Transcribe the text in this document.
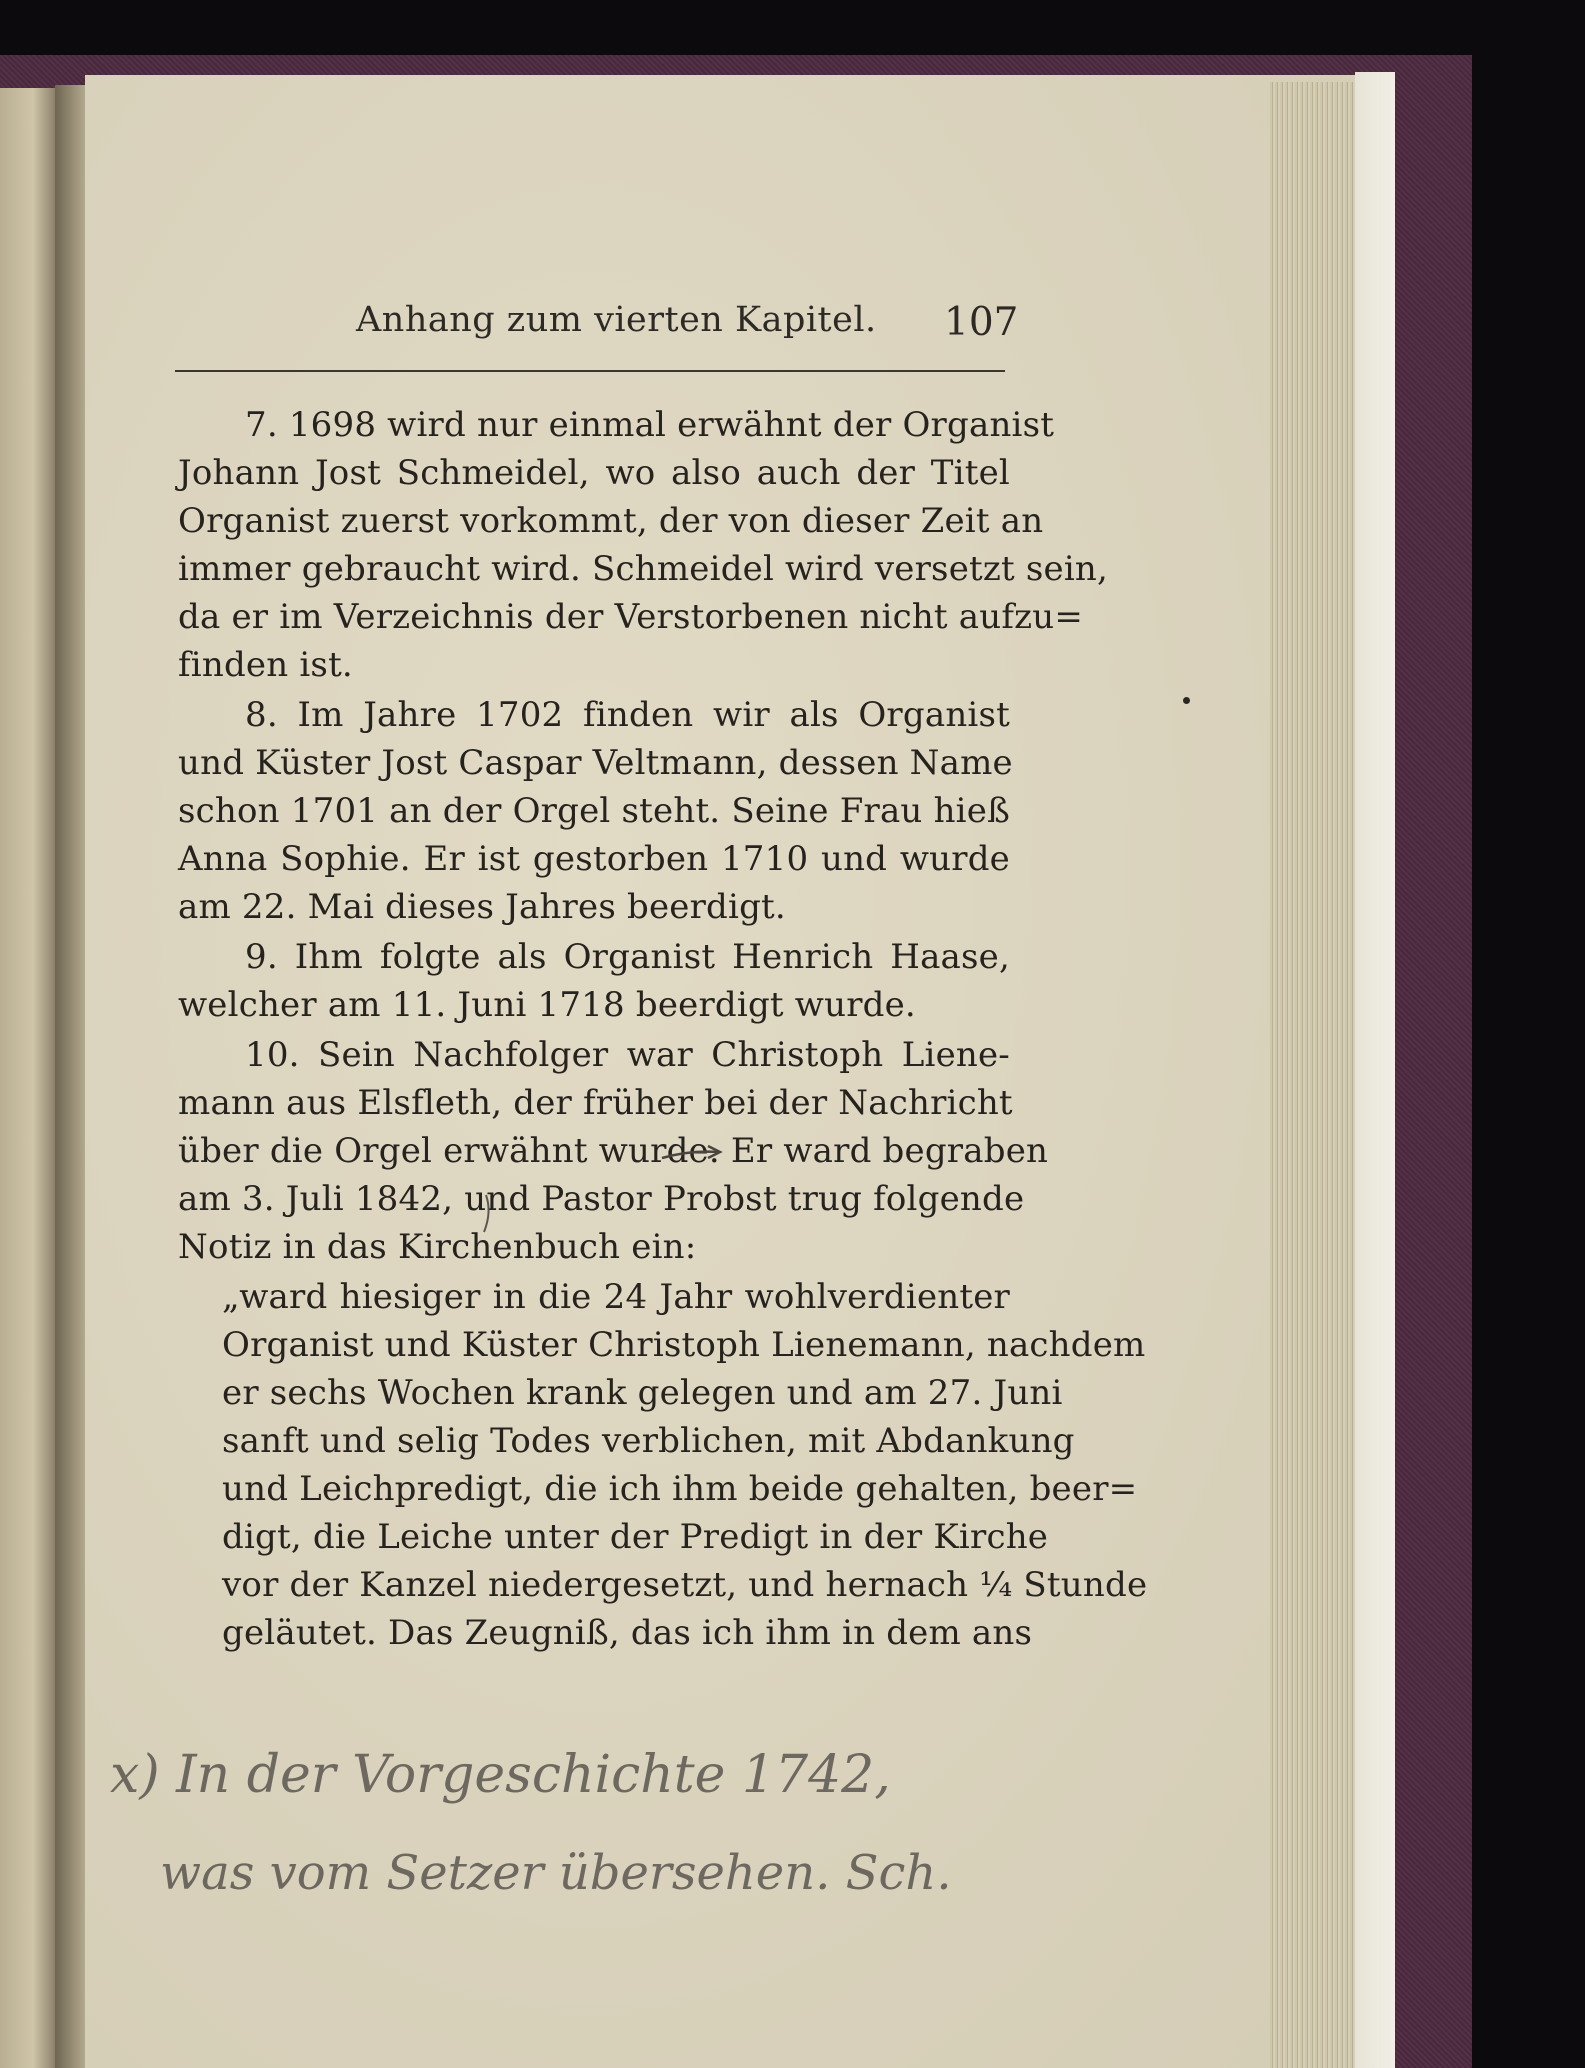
Anhang zum vierten Kapitel. 107
7. 1698 wird nur einmal erwähnt der Organist
Johann Jost Schmeidel, wo also auch der Titel
Organist zuerst vorkommt, der von dieser Zeit an
immer gebraucht wird. Schmeidel wird versetzt sein,
da er im Verzeichnis der Verstorbenen nicht aufzu=
finden ist.
8. Im Jahre 1702 finden wir als Organist
und Küster Jost Caspar Veltmann, dessen Name
schon 1701 an der Orgel steht. Seine Frau hieß
Anna Sophie. Er ist gestorben 1710 und wurde
am 22. Mai dieses Jahres beerdigt.
9. Ihm folgte als Organist Henrich Haase,
welcher am 11. Juni 1718 beerdigt wurde.
10. Sein Nachfolger war Christoph Liene-
mann aus Elsfleth, der früher bei der Nachricht
über die Orgel erwähnt wurde. Er ward begraben
am 3. Juli 1842, und Pastor Probst trug folgende
Notiz in das Kirchenbuch ein:
„ward hiesiger in die 24 Jahr wohlverdienter
Organist und Küster Christoph Lienemann, nachdem
er sechs Wochen krank gelegen und am 27. Juni
sanft und selig Todes verblichen, mit Abdankung
und Leichpredigt, die ich ihm beide gehalten, beer=
digt, die Leiche unter der Predigt in der Kirche
vor der Kanzel niedergesetzt, und hernach ¼ Stunde
geläutet. Das Zeugniß, das ich ihm in dem ans
x) In der Vorgeschichte 1742,
was vom Setzer übersehen. Sch.
